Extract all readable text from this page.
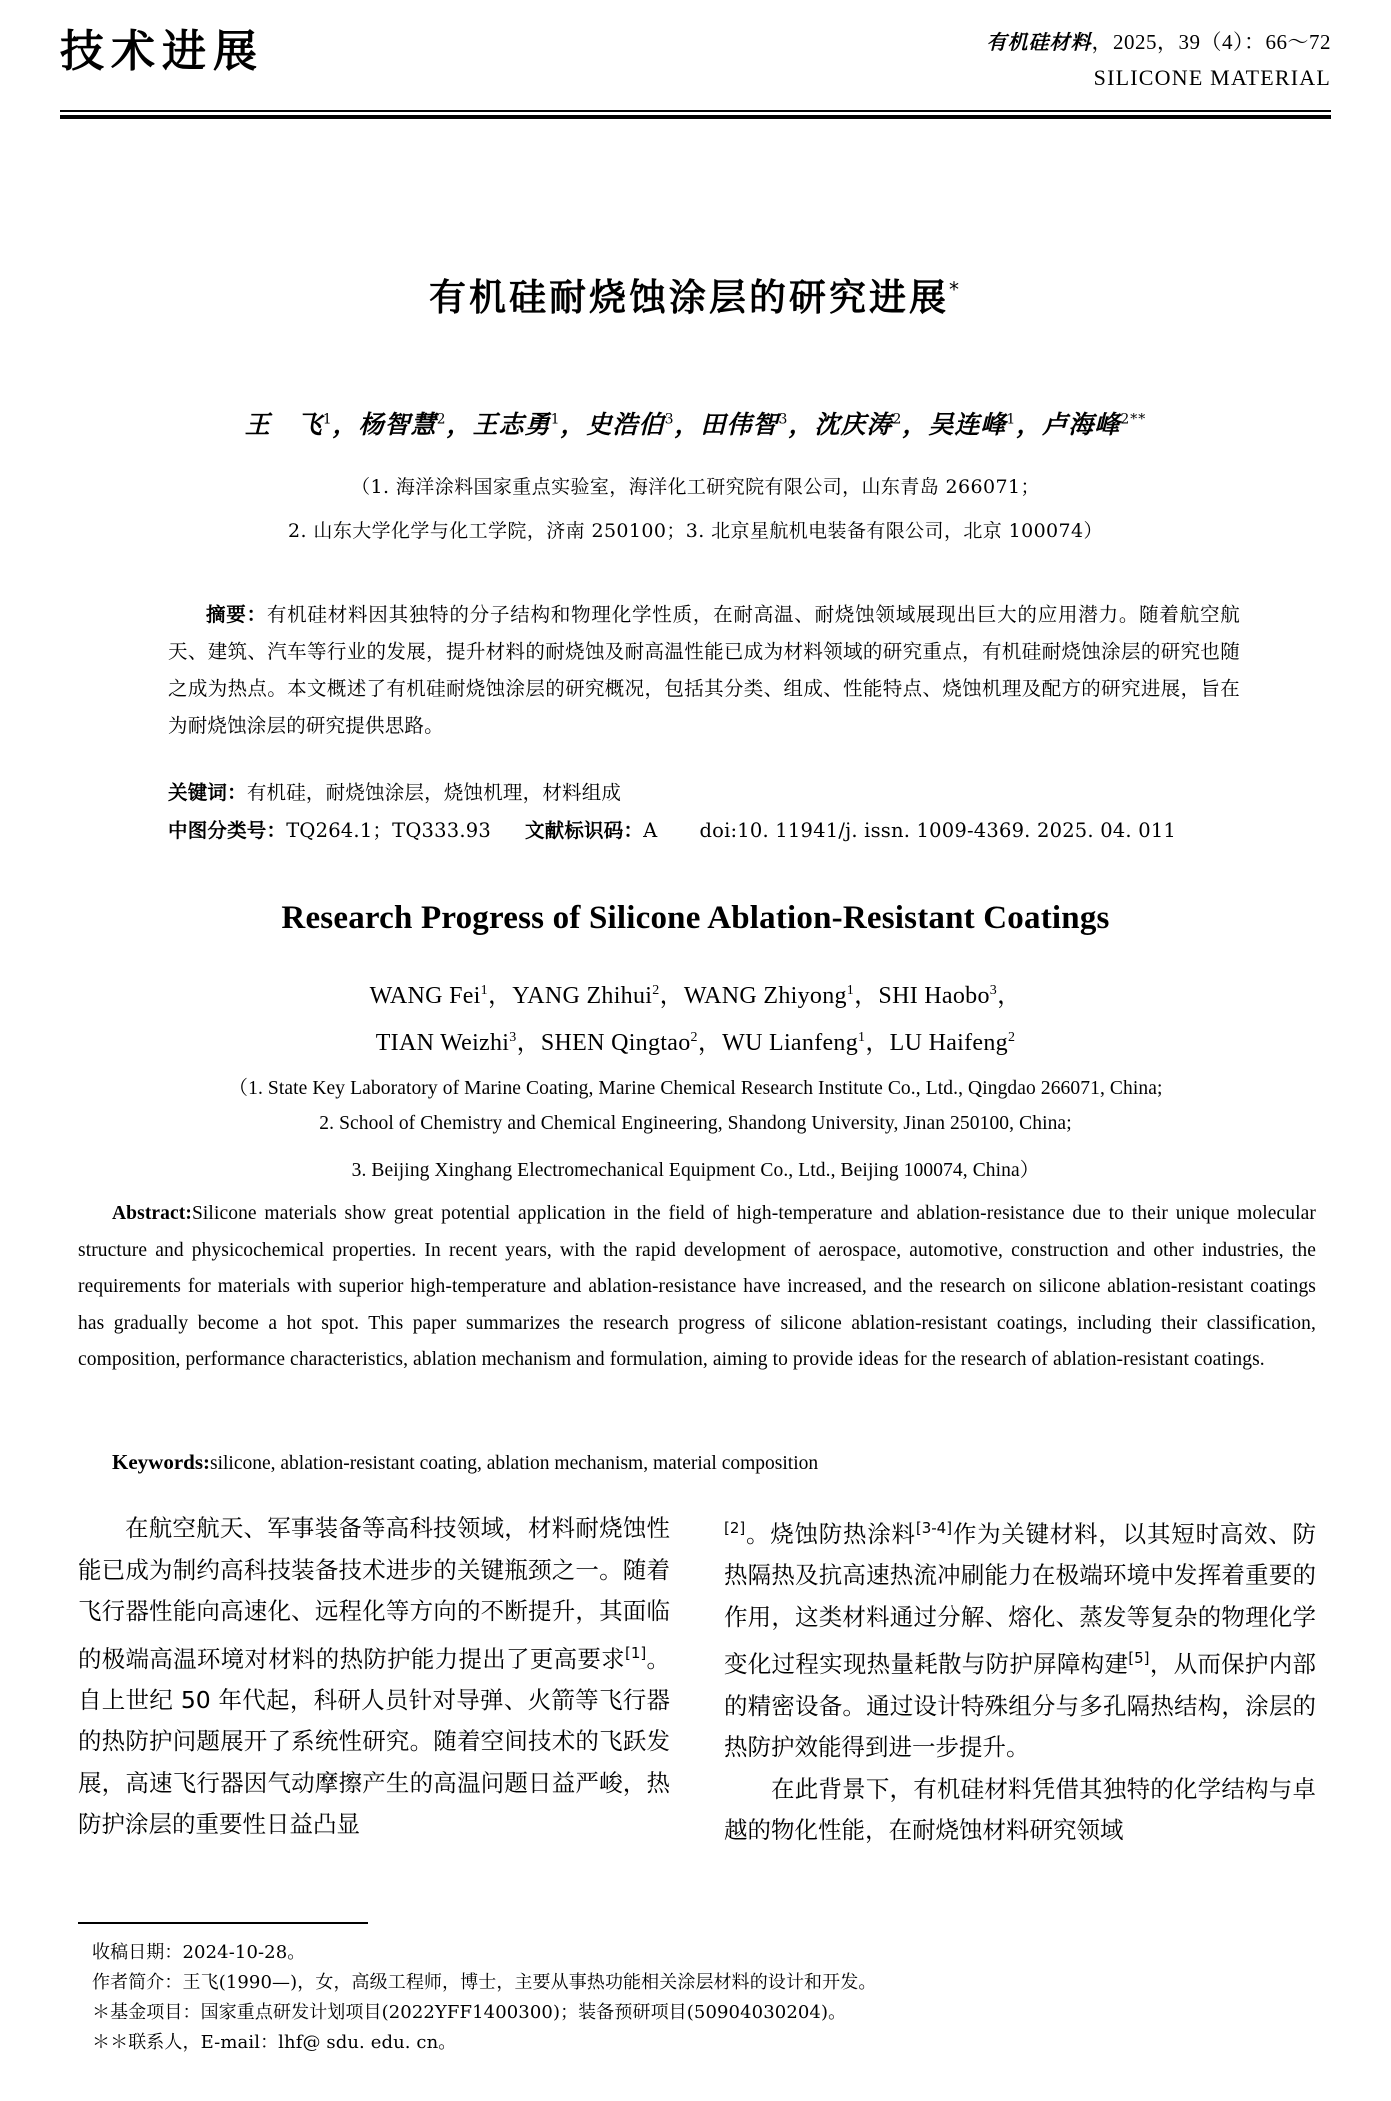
技术进展	有机硅材料，2025，39（4）：66～72
SILICONE MATERIAL
有机硅耐烧蚀涂层的研究进展*
王　飞$^1$，杨智慧$^2$，王志勇$^1$，史浩伯$^3$，田伟智$^3$，沈庆涛$^2$，吴连峰$^1$，卢海峰$^{2**}$
（1. 海洋涂料国家重点实验室，海洋化工研究院有限公司，山东青岛 266071；
2. 山东大学化学与化工学院，济南 250100；3. 北京星航机电装备有限公司，北京 100074）

摘要：有机硅材料因其独特的分子结构和物理化学性质，在耐高温、耐烧蚀领域展现出巨大的应用潜力。随着航空航天、建筑、汽车等行业的发展，提升材料的耐烧蚀及耐高温性能已成为材料领域的研究重点，有机硅耐烧蚀涂层的研究也随之成为热点。本文概述了有机硅耐烧蚀涂层的研究概况，包括其分类、组成、性能特点、烧蚀机理及配方的研究进展，旨在为耐烧蚀涂层的研究提供思路。

关键词：有机硅，耐烧蚀涂层，烧蚀机理，材料组成
中图分类号：TQ264.1；TQ333.93 文献标识码：A doi:10. 11941/j. issn. 1009-4369. 2025. 04. 011
Research Progress of Silicone Ablation-Resistant Coatings
WANG Fei$^1$，YANG Zhihui$^2$，WANG Zhiyong$^1$，SHI Haobo$^3$，
TIAN Weizhi$^3$，SHEN Qingtao$^2$，WU Lianfeng$^1$，LU Haifeng$^2$
（1. State Key Laboratory of Marine Coating, Marine Chemical Research Institute Co., Ltd., Qingdao 266071, China;
2. School of Chemistry and Chemical Engineering, Shandong University, Jinan 250100, China;
3. Beijing Xinghang Electromechanical Equipment Co., Ltd., Beijing 100074, China）

Abstract:Silicone materials show great potential application in the field of high-temperature and ablation-resistance due to their unique molecular structure and physicochemical properties. In recent years, with the rapid development of aerospace, automotive, construction and other industries, the requirements for materials with superior high-temperature and ablation-resistance have increased, and the research on silicone ablation-resistant coatings has gradually become a hot spot. This paper summarizes the research progress of silicone ablation-resistant coatings, including their classification, composition, performance characteristics, ablation mechanism and formulation, aiming to provide ideas for the research of ablation-resistant coatings.

Keywords:silicone, ablation-resistant coating, ablation mechanism, material composition

在航空航天、军事装备等高科技领域，材料耐烧蚀性能已成为制约高科技装备技术进步的关键瓶颈之一。随着飞行器性能向高速化、远程化等方向的不断提升，其面临的极端高温环境对材料的热防护能力提出了更高要求[1]。自上世纪 50 年代起，科研人员针对导弹、火箭等飞行器的热防护问题展开了系统性研究。随着空间技术的飞跃发展，高速飞行器因气动摩擦产生的高温问题日益严峻，热防护涂层的重要性日益凸显

[2]。烧蚀防热涂料[3-4]作为关键材料，以其短时高效、防热隔热及抗高速热流冲刷能力在极端环境中发挥着重要的作用，这类材料通过分解、熔化、蒸发等复杂的物理化学变化过程实现热量耗散与防护屏障构建[5]，从而保护内部的精密设备。通过设计特殊组分与多孔隔热结构，涂层的热防护效能得到进一步提升。

在此背景下，有机硅材料凭借其独特的化学结构与卓越的物化性能，在耐烧蚀材料研究领域

收稿日期：2024-10-28。
作者简介：王飞(1990—)，女，高级工程师，博士，主要从事热功能相关涂层材料的设计和开发。
＊基金项目：国家重点研发计划项目(2022YFF1400300)；装备预研项目(50904030204)。
＊＊联系人，E-mail：lhf@ sdu. edu. cn。
